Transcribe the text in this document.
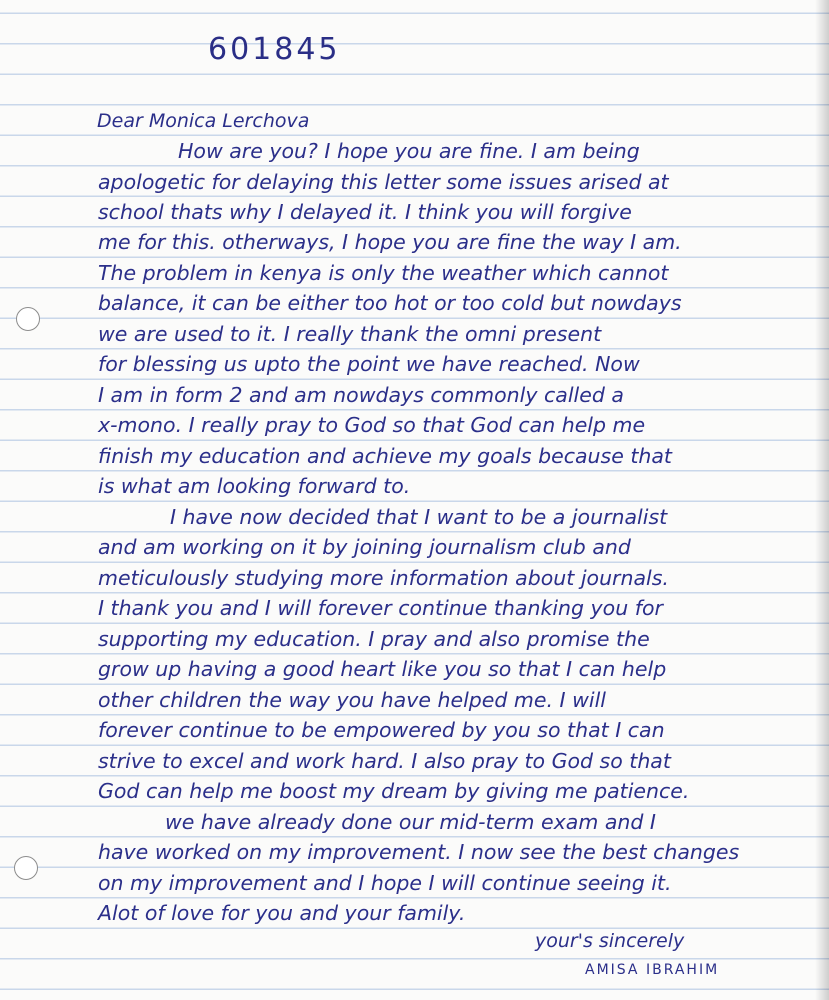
601845

Dear Monica Lerchova

How are you? I hope you are fine. I am being

apologetic for delaying this letter some issues arised at

school thats why I delayed it. I think you will forgive

me for this. otherways, I hope you are fine the way I am.

The problem in kenya is only the weather which cannot

balance, it can be either too hot or too cold but nowdays

we are used to it. I really thank the omni present

for blessing us upto the point we have reached. Now

I am in form 2 and am nowdays commonly called a

x-mono. I really pray to God so that God can help me

finish my education and achieve my goals because that

is what am looking forward to.

I have now decided that I want to be a journalist

and am working on it by joining journalism club and

meticulously studying more information about journals.

I thank you and I will forever continue thanking you for

supporting my education. I pray and also promise the

grow up having a good heart like you so that I can help

other children the way you have helped me. I will

forever continue to be empowered by you so that I can

strive to excel and work hard. I also pray to God so that

God can help me boost my dream by giving me patience.

we have already done our mid-term exam and I

have worked on my improvement. I now see the best changes

on my improvement and I hope I will continue seeing it.

Alot of love for you and your family.

your's sincerely

AMISA IBRAHIM
